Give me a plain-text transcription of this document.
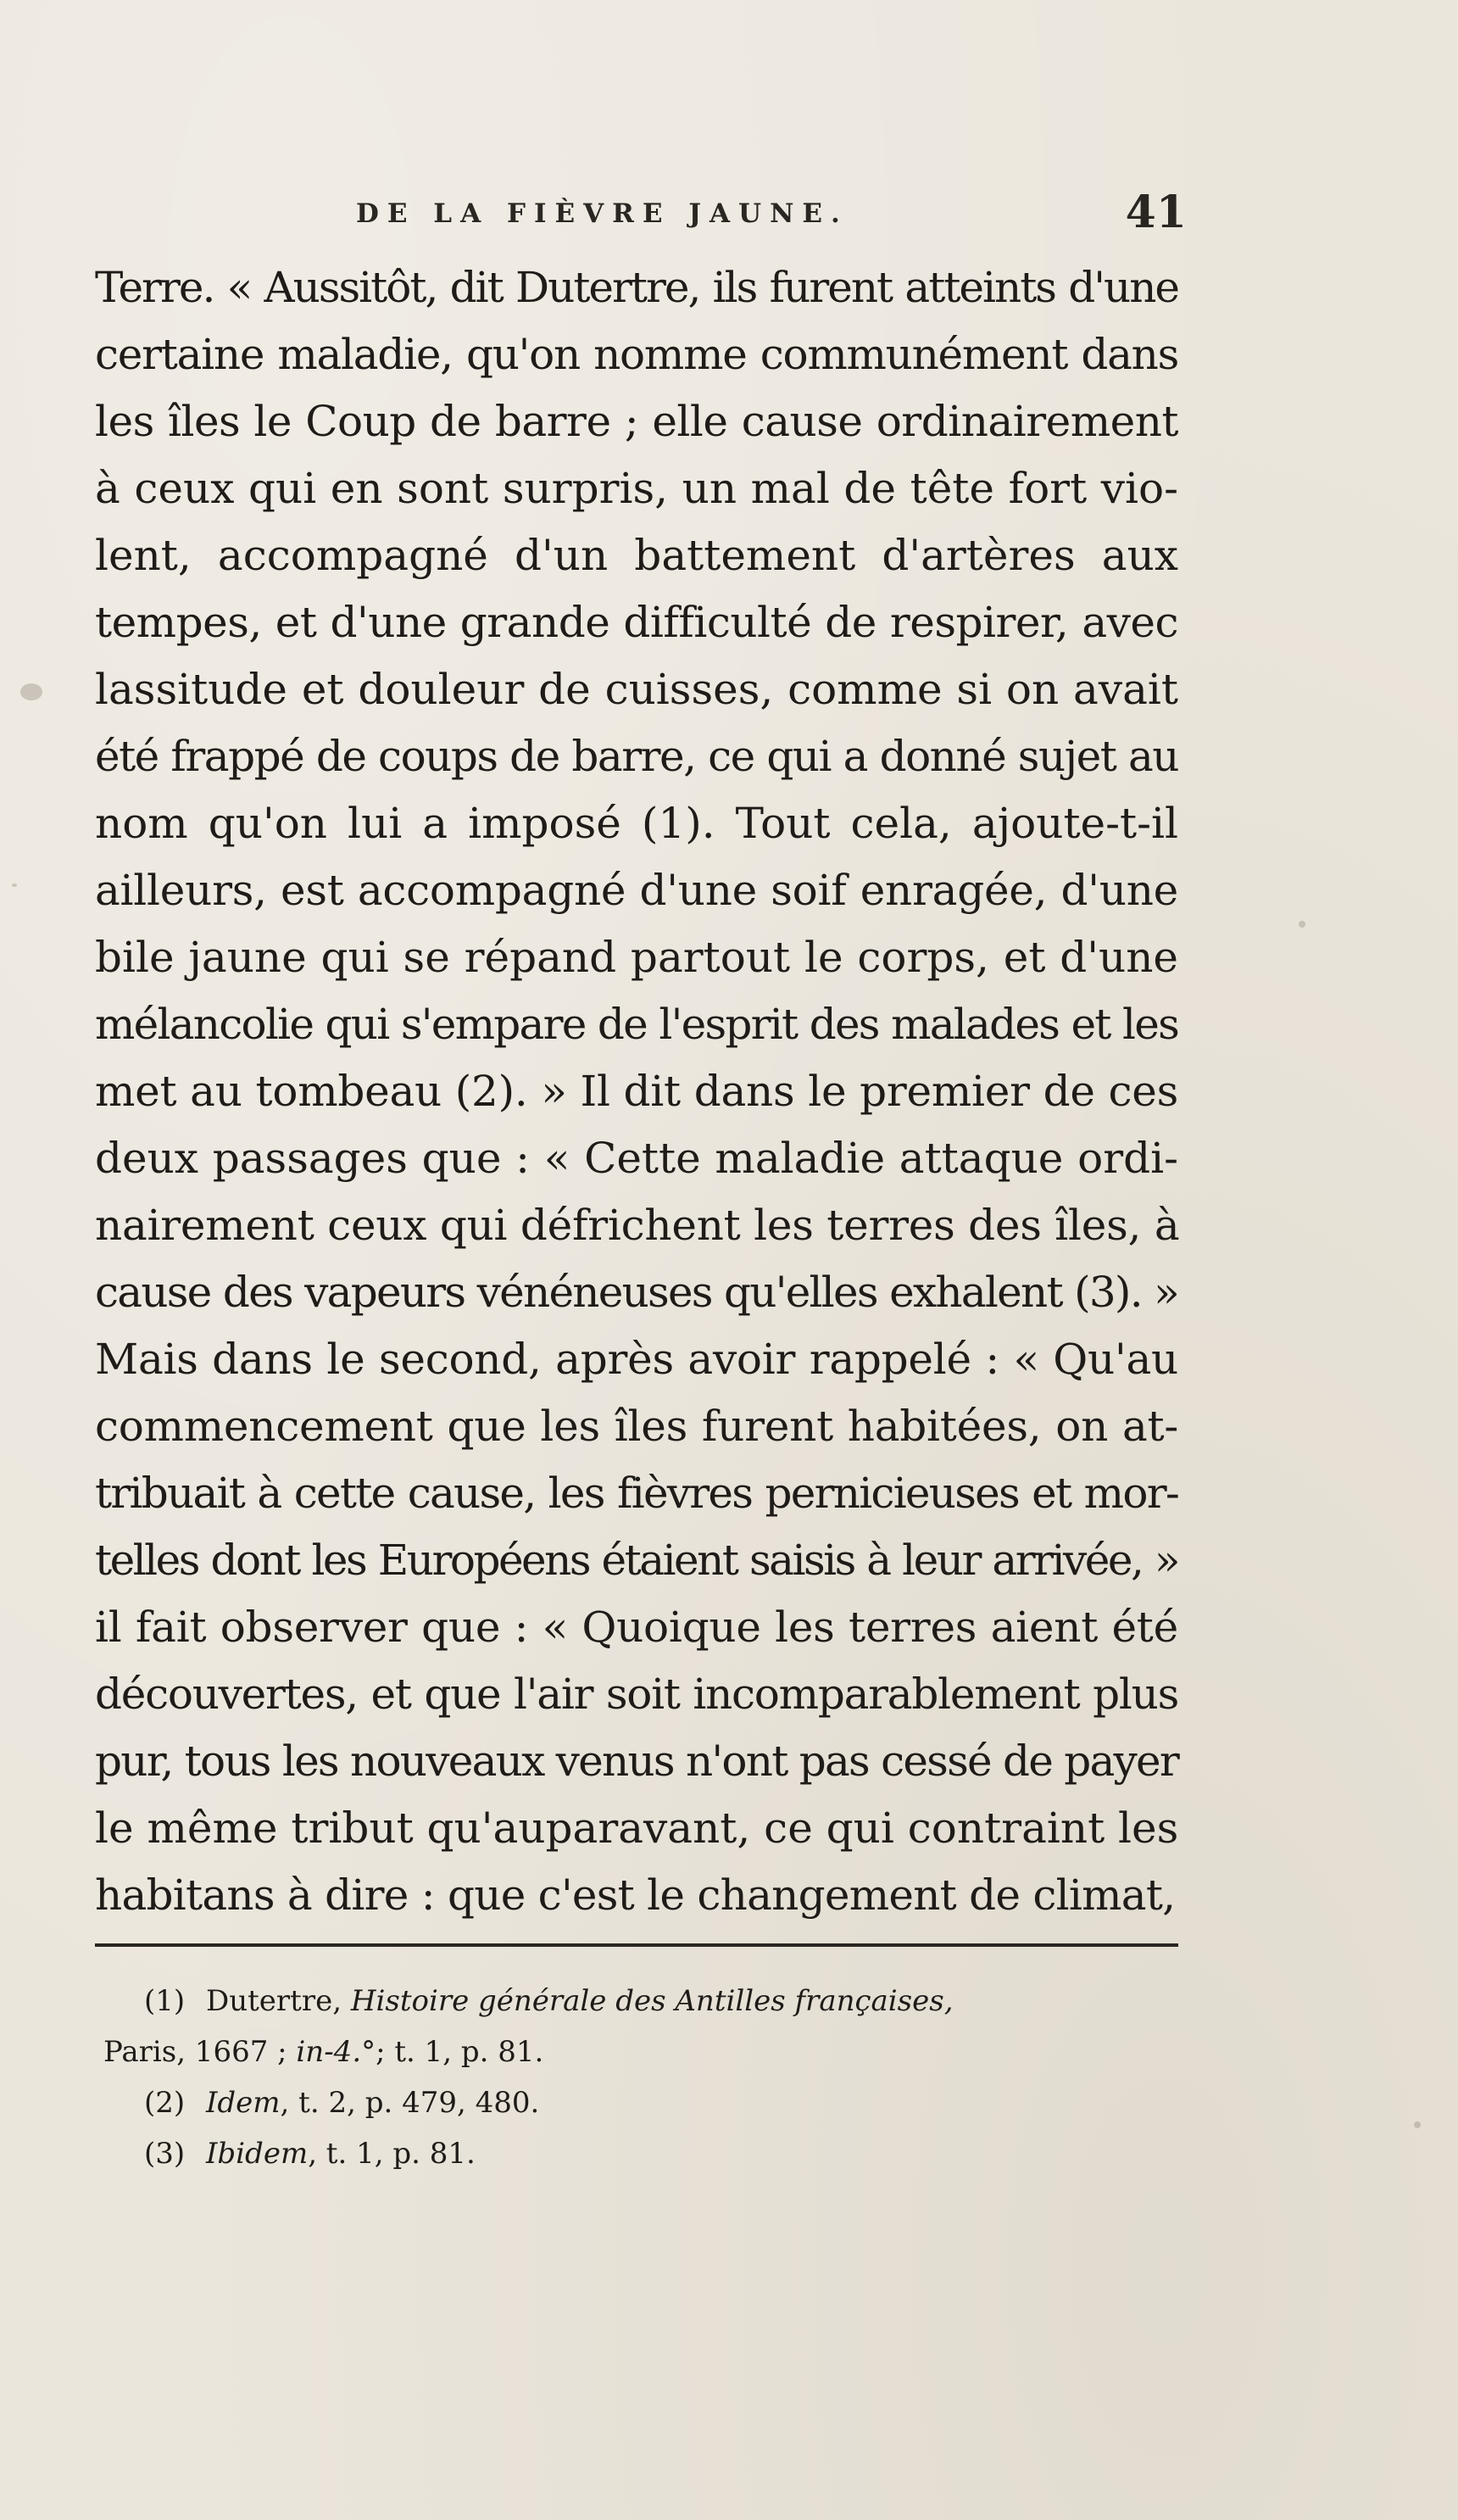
DE LA FIÈVRE JAUNE.	41
Terre. « Aussitôt, dit Dutertre, ils furent atteints d'une
certaine maladie, qu'on nomme communément dans
les îles le Coup de barre ; elle cause ordinairement
à ceux qui en sont surpris, un mal de tête fort vio-
lent, accompagné d'un battement d'artères aux
tempes, et d'une grande difficulté de respirer, avec
lassitude et douleur de cuisses, comme si on avait
été frappé de coups de barre, ce qui a donné sujet au
nom qu'on lui a imposé (1). Tout cela, ajoute-t-il
ailleurs, est accompagné d'une soif enragée, d'une
bile jaune qui se répand partout le corps, et d'une
mélancolie qui s'empare de l'esprit des malades et les
met au tombeau (2). » Il dit dans le premier de ces
deux passages que : « Cette maladie attaque ordi-
nairement ceux qui défrichent les terres des îles, à
cause des vapeurs vénéneuses qu'elles exhalent (3). »
Mais dans le second, après avoir rappelé : « Qu'au
commencement que les îles furent habitées, on at-
tribuait à cette cause, les fièvres pernicieuses et mor-
telles dont les Européens étaient saisis à leur arrivée, »
il fait observer que : « Quoique les terres aient été
découvertes, et que l'air soit incomparablement plus
pur, tous les nouveaux venus n'ont pas cessé de payer
le même tribut qu'auparavant, ce qui contraint les
habitans à dire : que c'est le changement de climat,
(1) Dutertre, Histoire générale des Antilles françaises,
Paris, 1667 ; in-4.°; t. 1, p. 81.
(2) Idem, t. 2, p. 479, 480.
(3) Ibidem, t. 1, p. 81.
